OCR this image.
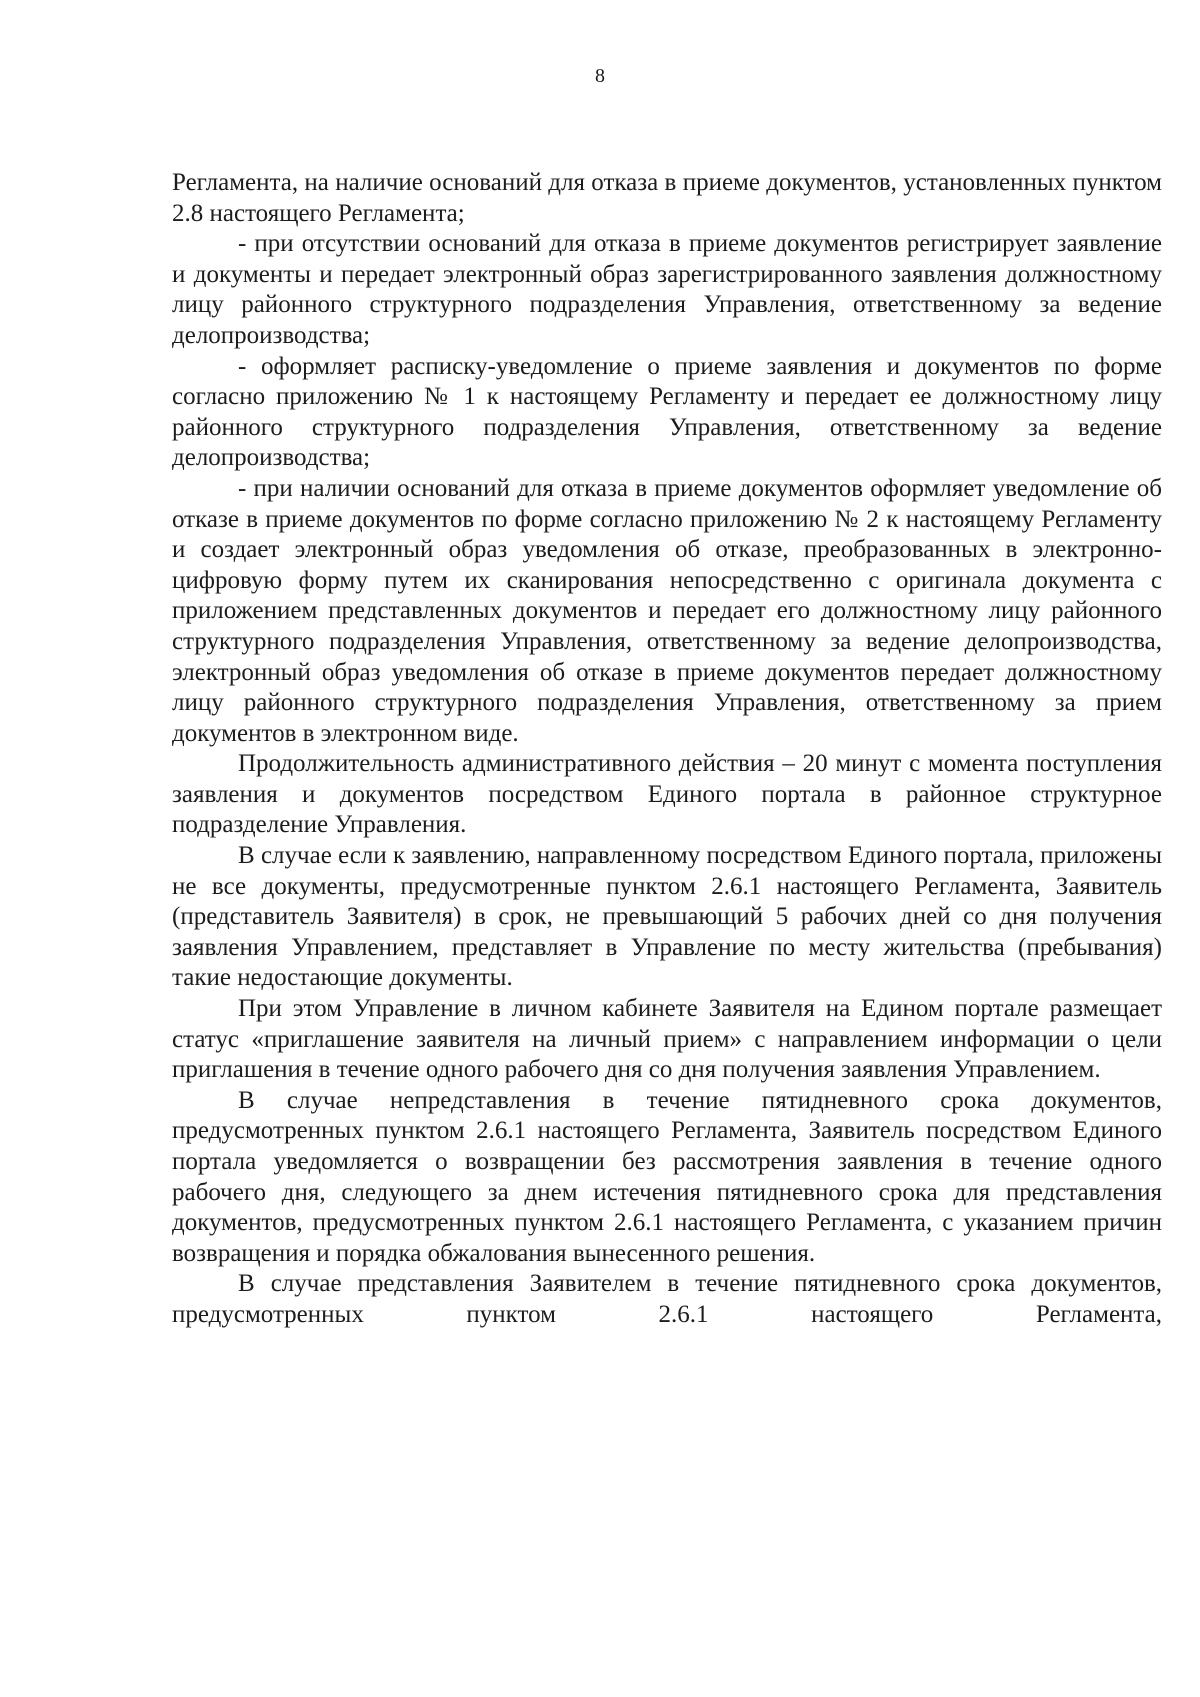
8

Регламента, на наличие оснований для отказа в приеме документов, установленных пунктом 2.8 настоящего Регламента;

- при отсутствии оснований для отказа в приеме документов регистрирует заявление и документы и передает электронный образ зарегистрированного заявления должностному лицу районного структурного подразделения Управления, ответственному за ведение делопроизводства;

- оформляет расписку-уведомление о приеме заявления и документов по форме согласно приложению № 1 к настоящему Регламенту и передает ее должностному лицу районного структурного подразделения Управления, ответственному за ведение делопроизводства;

- при наличии оснований для отказа в приеме документов оформляет уведомление об отказе в приеме документов по форме согласно приложению № 2 к настоящему Регламенту и создает электронный образ уведомления об отказе, преобразованных в электронно-цифровую форму путем их сканирования непосредственно с оригинала документа с приложением представленных документов и передает его должностному лицу районного структурного подразделения Управления, ответственному за ведение делопроизводства, электронный образ уведомления об отказе в приеме документов передает должностному лицу районного структурного подразделения Управления, ответственному за прием документов в электронном виде.

Продолжительность административного действия – 20 минут с момента поступления заявления и документов посредством Единого портала в районное структурное подразделение Управления.

В случае если к заявлению, направленному посредством Единого портала, приложены не все документы, предусмотренные пунктом 2.6.1 настоящего Регламента, Заявитель (представитель Заявителя) в срок, не превышающий 5 рабочих дней со дня получения заявления Управлением, представляет в Управление по месту жительства (пребывания) такие недостающие документы.

При этом Управление в личном кабинете Заявителя на Едином портале размещает статус «приглашение заявителя на личный прием» с направлением информации о цели приглашения в течение одного рабочего дня со дня получения заявления Управлением.

В случае непредставления в течение пятидневного срока документов, предусмотренных пунктом 2.6.1 настоящего Регламента, Заявитель посредством Единого портала уведомляется о возвращении без рассмотрения заявления в течение одного рабочего дня, следующего за днем истечения пятидневного срока для представления документов, предусмотренных пунктом 2.6.1 настоящего Регламента, с указанием причин возвращения и порядка обжалования вынесенного решения.

В случае представления Заявителем в течение пятидневного срока документов, предусмотренных пунктом 2.6.1 настоящего Регламента,
